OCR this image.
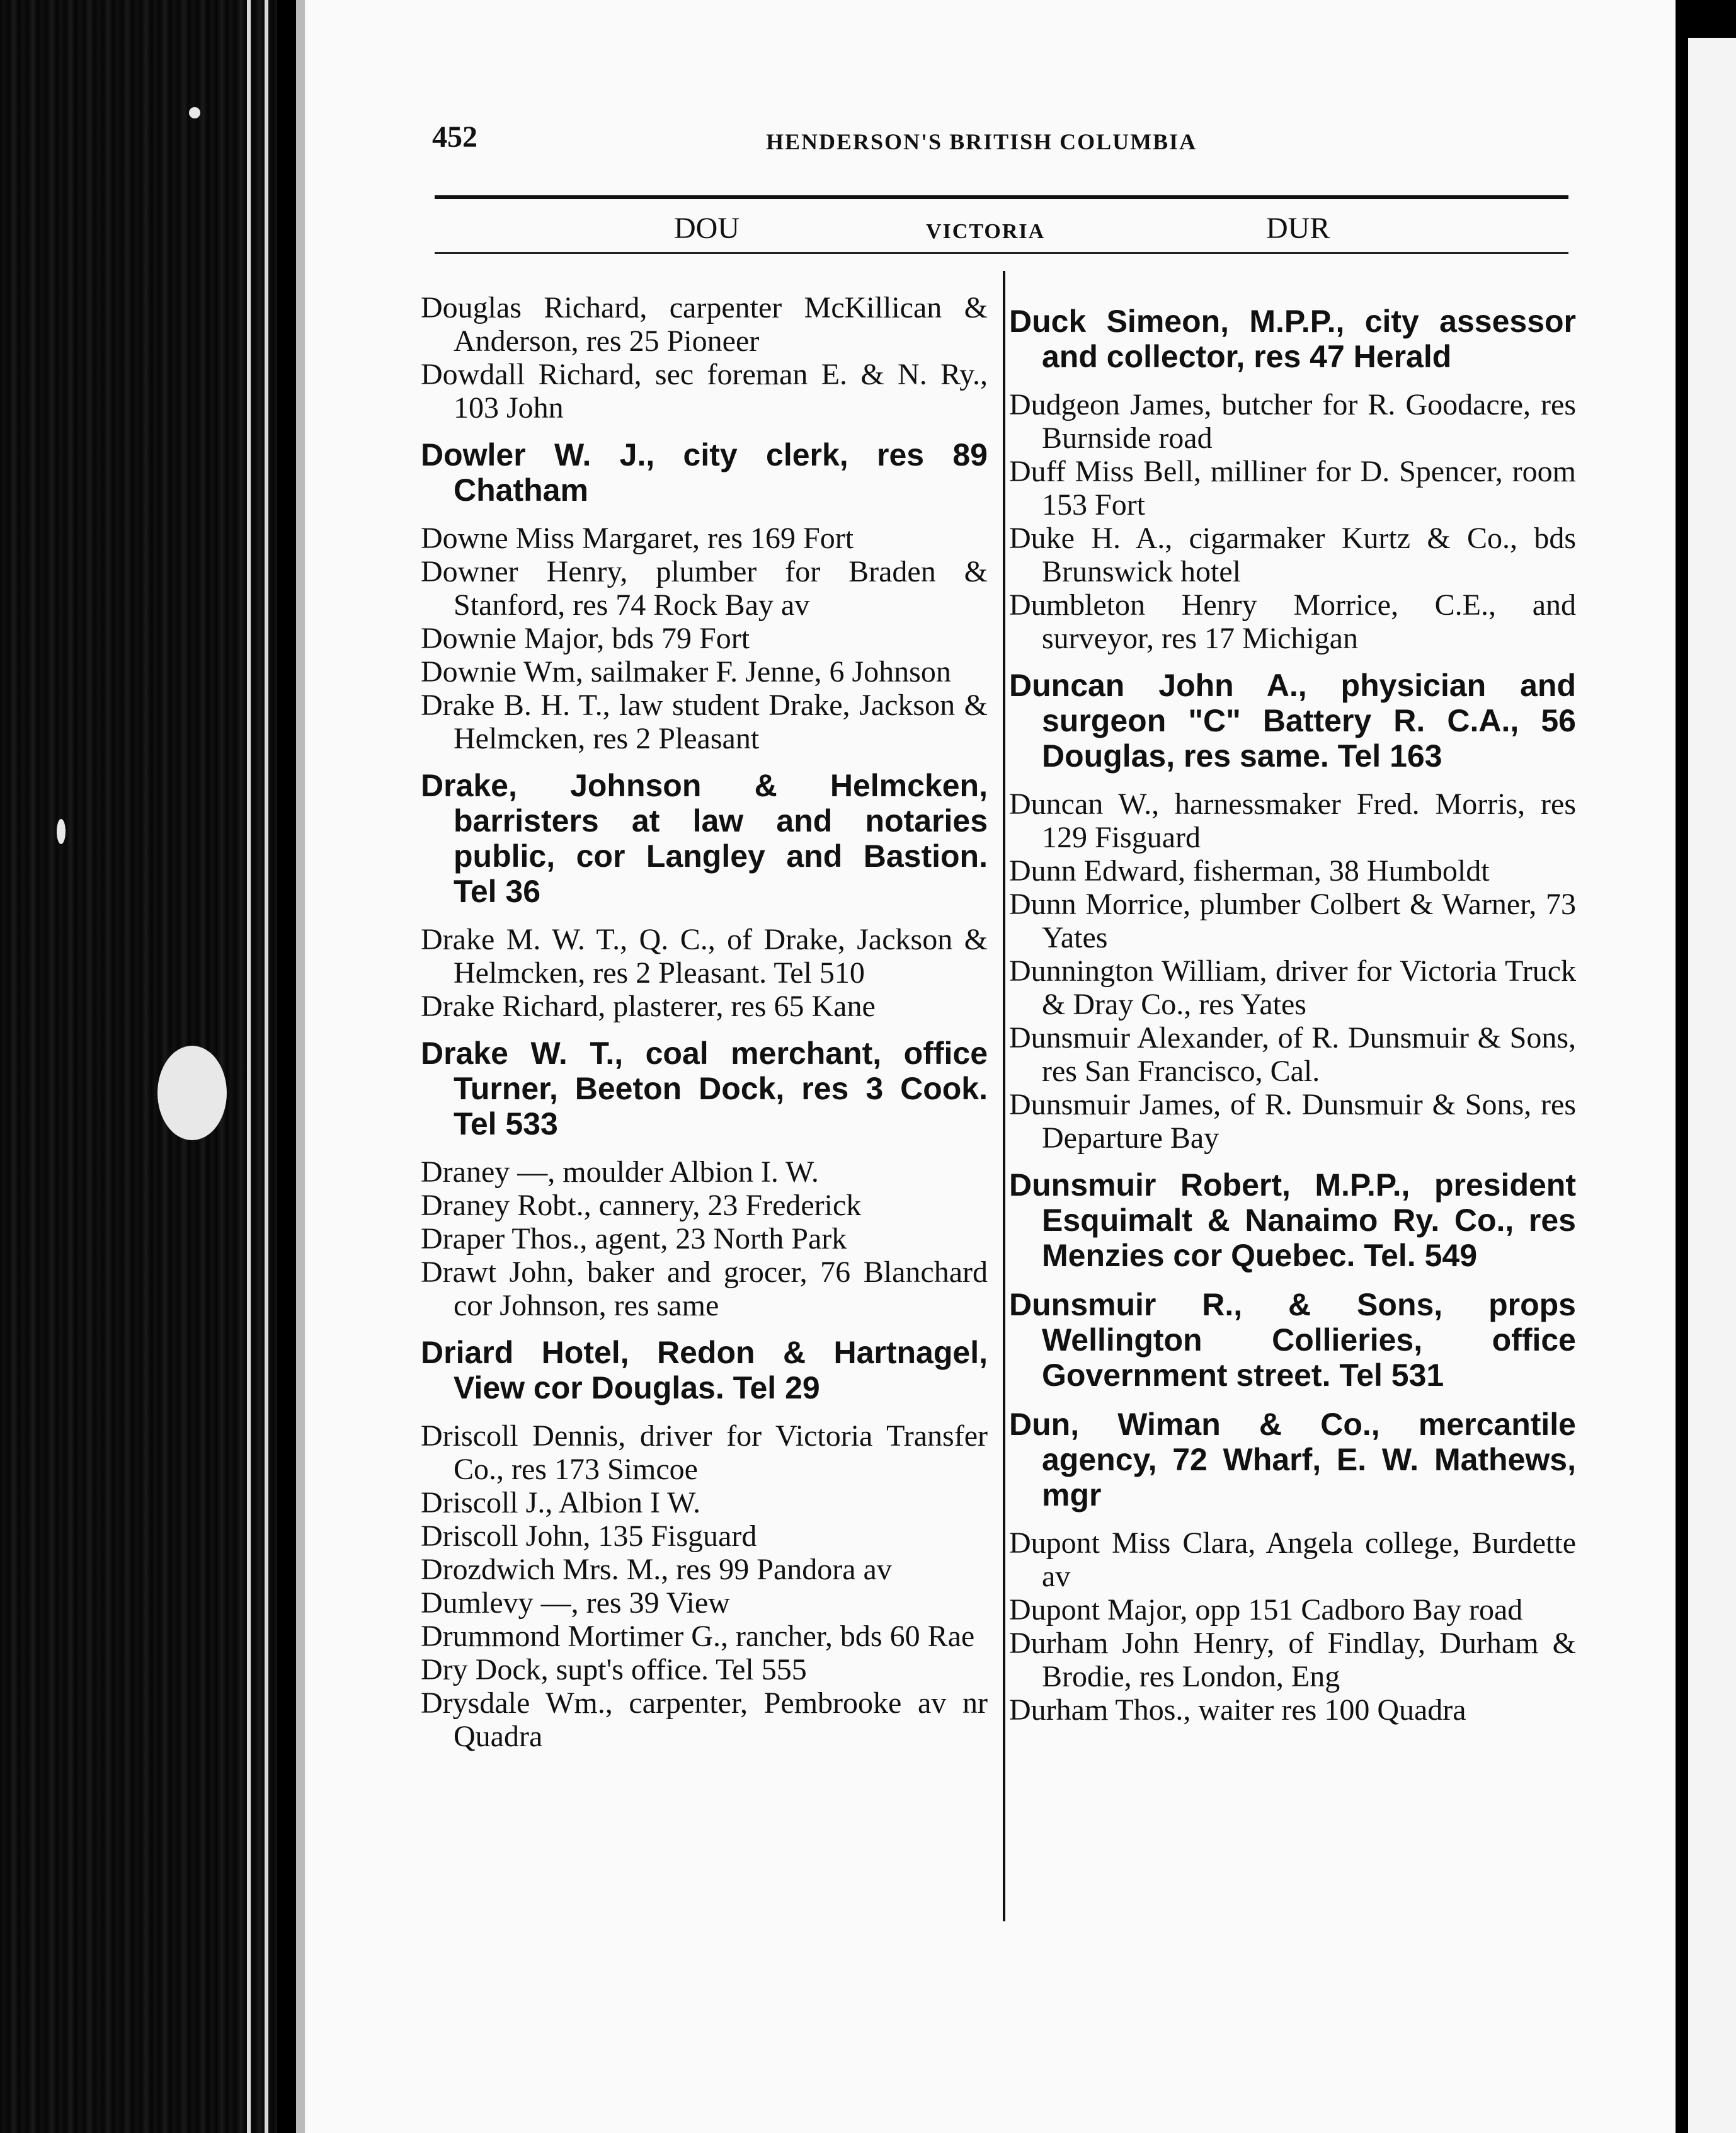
452	HENDERSON'S BRITISH COLUMBIA
DOU	VICTORIA	DUR
Douglas Richard, carpenter McKillican & Anderson, res 25 Pioneer
Dowdall Richard, sec foreman E. & N. Ry., 103 John
Dowler W. J., city clerk, res 89 Chatham
Downe Miss Margaret, res 169 Fort
Downer Henry, plumber for Braden & Stanford, res 74 Rock Bay av
Downie Major, bds 79 Fort
Downie Wm, sailmaker F. Jenne, 6 Johnson
Drake B. H. T., law student Drake, Jackson & Helmcken, res 2 Pleasant
Drake, Johnson & Helmcken, barristers at law and notaries public, cor Langley and Bastion. Tel 36
Drake M. W. T., Q. C., of Drake, Jackson & Helmcken, res 2 Pleasant. Tel 510
Drake Richard, plasterer, res 65 Kane
Drake W. T., coal merchant, office Turner, Beeton Dock, res 3 Cook. Tel 533
Draney —, moulder Albion I. W.
Draney Robt., cannery, 23 Frederick
Draper Thos., agent, 23 North Park
Drawt John, baker and grocer, 76 Blanchard cor Johnson, res same
Driard Hotel, Redon & Hartnagel, View cor Douglas. Tel 29
Driscoll Dennis, driver for Victoria Transfer Co., res 173 Simcoe
Driscoll J., Albion I W.
Driscoll John, 135 Fisguard
Drozdwich Mrs. M., res 99 Pandora av
Dumlevy —, res 39 View
Drummond Mortimer G., rancher, bds 60 Rae
Dry Dock, supt's office. Tel 555
Drysdale Wm., carpenter, Pembrooke av nr Quadra
Duck Simeon, M.P.P., city assessor and collector, res 47 Herald
Dudgeon James, butcher for R. Goodacre, res Burnside road
Duff Miss Bell, milliner for D. Spencer, room 153 Fort
Duke H. A., cigarmaker Kurtz & Co., bds Brunswick hotel
Dumbleton Henry Morrice, C.E., and surveyor, res 17 Michigan
Duncan John A., physician and surgeon "C" Battery R. C.A., 56 Douglas, res same. Tel 163
Duncan W., harnessmaker Fred. Morris, res 129 Fisguard
Dunn Edward, fisherman, 38 Humboldt
Dunn Morrice, plumber Colbert & Warner, 73 Yates
Dunnington William, driver for Victoria Truck & Dray Co., res Yates
Dunsmuir Alexander, of R. Dunsmuir & Sons, res San Francisco, Cal.
Dunsmuir James, of R. Dunsmuir & Sons, res Departure Bay
Dunsmuir Robert, M.P.P., president Esquimalt & Nanaimo Ry. Co., res Menzies cor Quebec. Tel. 549
Dunsmuir R., & Sons, props Wellington Collieries, office Government street. Tel 531
Dun, Wiman & Co., mercantile agency, 72 Wharf, E. W. Mathews, mgr
Dupont Miss Clara, Angela college, Burdette av
Dupont Major, opp 151 Cadboro Bay road
Durham John Henry, of Findlay, Durham & Brodie, res London, Eng
Durham Thos., waiter res 100 Quadra
